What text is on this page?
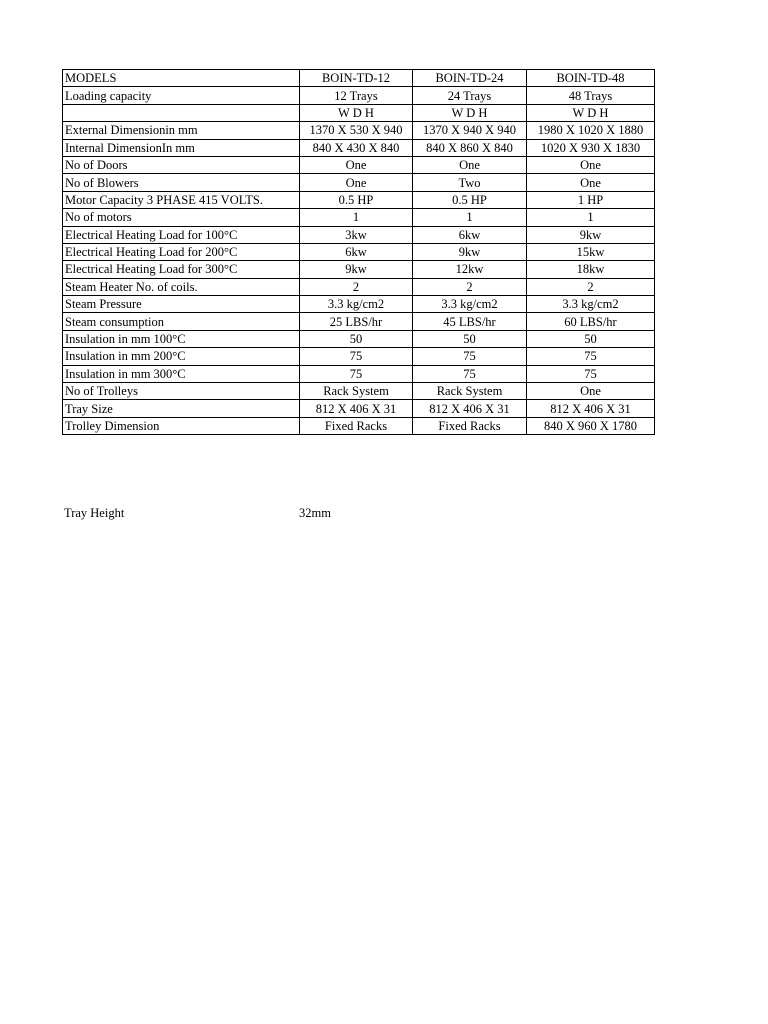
MODELS	BOIN-TD-12	BOIN-TD-24	BOIN-TD-48
Loading capacity	12 Trays	24 Trays	48 Trays
	W D H	W D H	W D H
External Dimensionin mm	1370 X 530 X 940	1370 X 940 X 940	1980 X 1020 X 1880
Internal DimensionIn mm	840 X 430 X 840	840 X 860 X 840	1020 X 930 X 1830
No of Doors	One	One	One
No of Blowers	One	Two	One
Motor Capacity 3 PHASE 415 VOLTS.	0.5 HP	0.5 HP	1 HP
No of motors	1	1	1
Electrical Heating Load for 100°C	3kw	6kw	9kw
Electrical Heating Load for 200°C	6kw	9kw	15kw
Electrical Heating Load for 300°C	9kw	12kw	18kw
Steam Heater No. of coils.	2	2	2
Steam Pressure	3.3 kg/cm2	3.3 kg/cm2	3.3 kg/cm2
Steam consumption	25 LBS/hr	45 LBS/hr	60 LBS/hr
Insulation in mm 100°C	50	50	50
Insulation in mm 200°C	75	75	75
Insulation in mm 300°C	75	75	75
No of Trolleys	Rack System	Rack System	One
Tray Size	812 X 406 X 31	812 X 406 X 31	812 X 406 X 31
Trolley Dimension	Fixed Racks	Fixed Racks	840 X 960 X 1780
Tray Height	32mm
